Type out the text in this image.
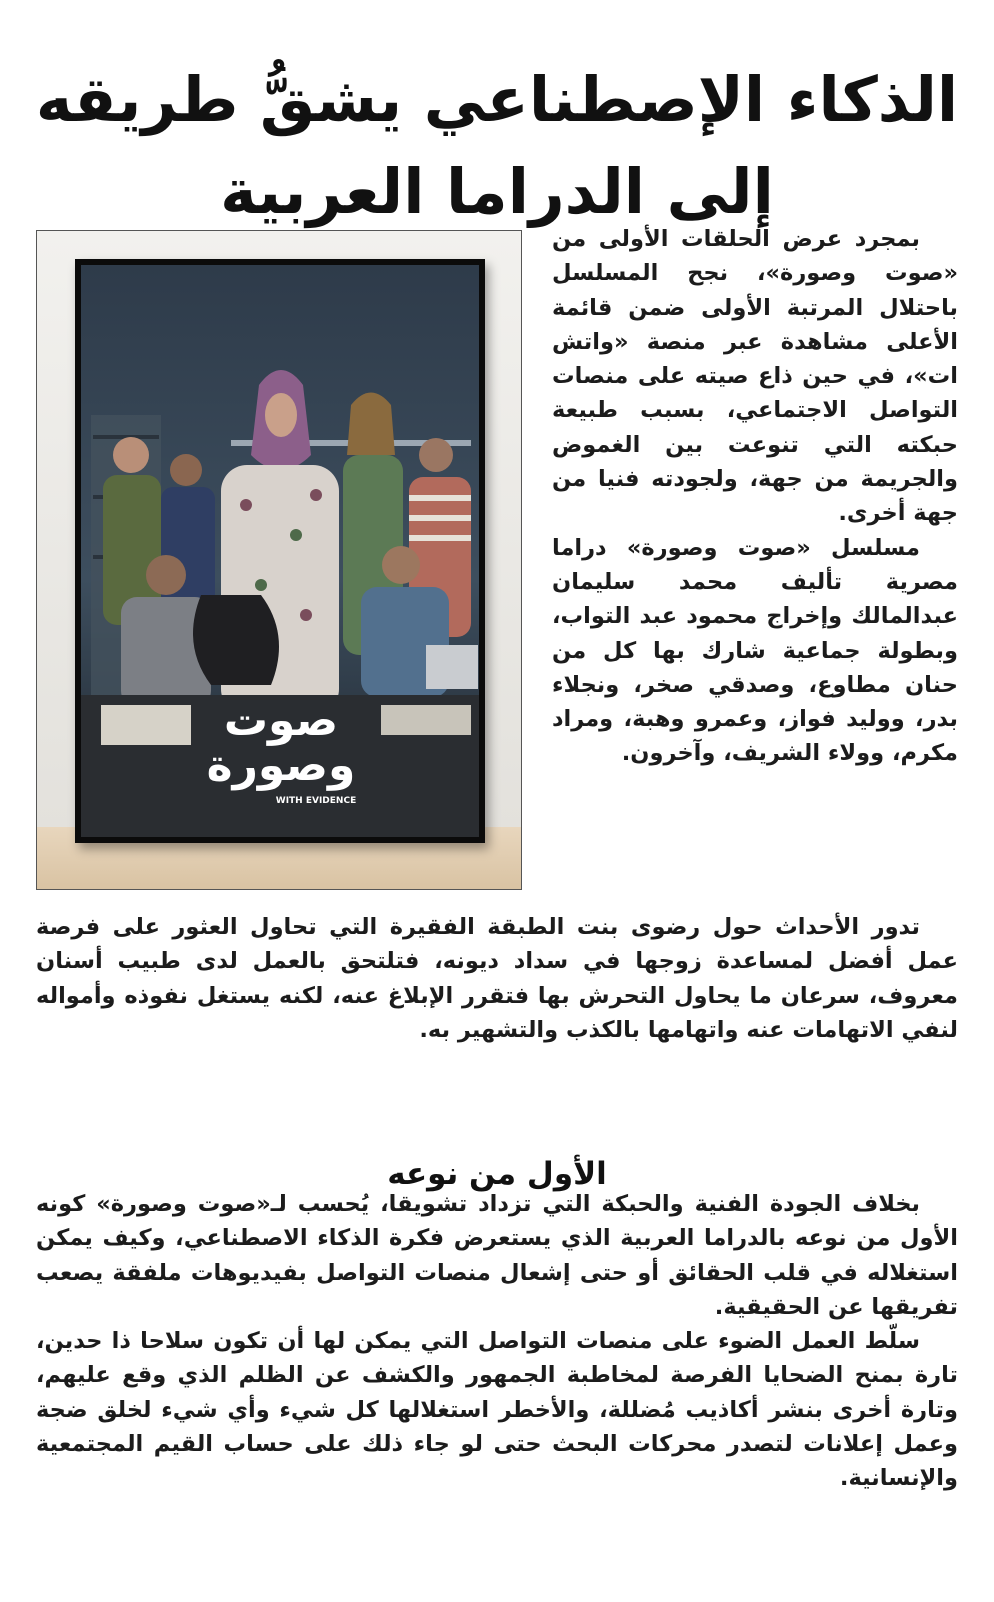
الذكاء الإصطناعي يشقُّ طريقه
إلى الدراما العربية
صوت
وصورة
WITH EVIDENCE

بمجرد عرض الحلقات الأولى من «صوت وصورة»، نجح المسلسل باحتلال المرتبة الأولى ضمن قائمة الأعلى مشاهدة عبر منصة «واتش ات»، في حين ذاع صيته على منصات التواصل الاجتماعي، بسبب طبيعة حبكته التي تنوعت بين الغموض والجريمة من جهة، ولجودته فنيا من جهة أخرى.

مسلسل «صوت وصورة» دراما مصرية تأليف محمد سليمان عبدالمالك وإخراج محمود عبد التواب، وبطولة جماعية شارك بها كل من حنان مطاوع، وصدقي صخر، ونجلاء بدر، ووليد فواز، وعمرو وهبة، ومراد مكرم، وولاء الشريف، وآخرون.

تدور الأحداث حول رضوى بنت الطبقة الفقيرة التي تحاول العثور على فرصة عمل أفضل لمساعدة زوجها في سداد ديونه، فتلتحق بالعمل لدى طبيب أسنان معروف، سرعان ما يحاول التحرش بها فتقرر الإبلاغ عنه، لكنه يستغل نفوذه وأمواله لنفي الاتهامات عنه واتهامها بالكذب والتشهير به.

الأول من نوعه

بخلاف الجودة الفنية والحبكة التي تزداد تشويقا، يُحسب لـ«صوت وصورة» كونه الأول من نوعه بالدراما العربية الذي يستعرض فكرة الذكاء الاصطناعي، وكيف يمكن استغلاله في قلب الحقائق أو حتى إشعال منصات التواصل بفيديوهات ملفقة يصعب تفريقها عن الحقيقية.

سلّط العمل الضوء على منصات التواصل التي يمكن لها أن تكون سلاحا ذا حدين، تارة بمنح الضحايا الفرصة لمخاطبة الجمهور والكشف عن الظلم الذي وقع عليهم، وتارة أخرى بنشر أكاذيب مُضللة، والأخطر استغلالها كل شيء وأي شيء لخلق ضجة وعمل إعلانات لتصدر محركات البحث حتى لو جاء ذلك على حساب القيم المجتمعية والإنسانية.
